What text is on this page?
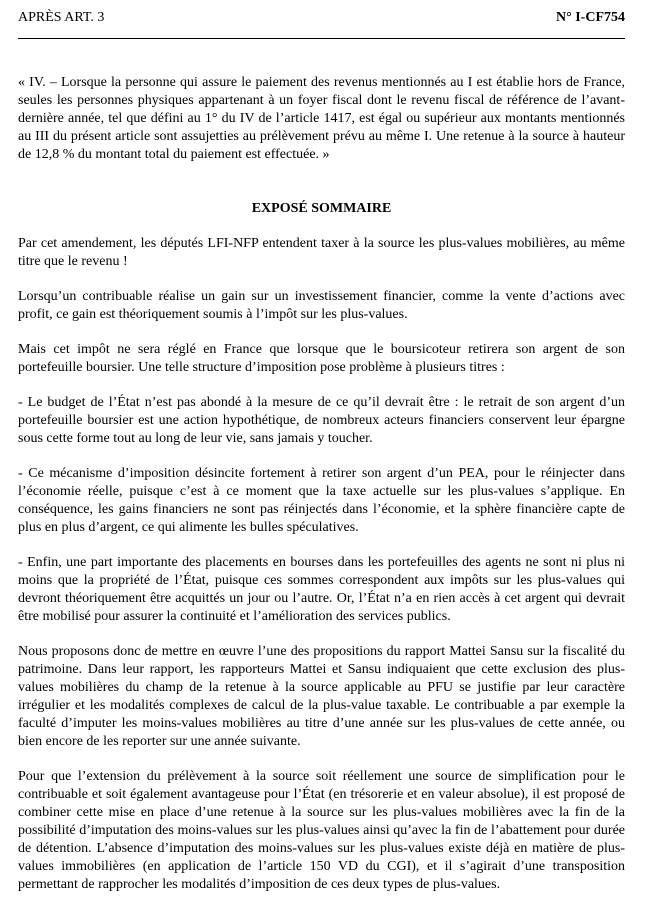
APRÈS ART. 3	N° I-CF754

« IV. – Lorsque la personne qui assure le paiement des revenus mentionnés au I est établie hors de France, seules les personnes physiques appartenant à un foyer fiscal dont le revenu fiscal de référence de l’avant-dernière année, tel que défini au 1° du IV de l’article 1417, est égal ou supérieur aux montants mentionnés au III du présent article sont assujetties au prélèvement prévu au même I. Une retenue à la source à hauteur de 12,8 % du montant total du paiement est effectuée. »

EXPOSÉ SOMMAIRE

Par cet amendement, les députés LFI-NFP entendent taxer à la source les plus-values mobilières, au même titre que le revenu !

Lorsqu’un contribuable réalise un gain sur un investissement financier, comme la vente d’actions avec profit, ce gain est théoriquement soumis à l’impôt sur les plus-values.

Mais cet impôt ne sera réglé en France que lorsque que le boursicoteur retirera son argent de son portefeuille boursier. Une telle structure d’imposition pose problème à plusieurs titres :

- Le budget de l’État n’est pas abondé à la mesure de ce qu’il devrait être : le retrait de son argent d’un portefeuille boursier est une action hypothétique, de nombreux acteurs financiers conservent leur épargne sous cette forme tout au long de leur vie, sans jamais y toucher.

- Ce mécanisme d’imposition désincite fortement à retirer son argent d’un PEA, pour le réinjecter dans l’économie réelle, puisque c’est à ce moment que la taxe actuelle sur les plus-values s’applique. En conséquence, les gains financiers ne sont pas réinjectés dans l’économie, et la sphère financière capte de plus en plus d’argent, ce qui alimente les bulles spéculatives.

- Enfin, une part importante des placements en bourses dans les portefeuilles des agents ne sont ni plus ni moins que la propriété de l’État, puisque ces sommes correspondent aux impôts sur les plus-values qui devront théoriquement être acquittés un jour ou l’autre. Or, l’État n’a en rien accès à cet argent qui devrait être mobilisé pour assurer la continuité et l’amélioration des services publics.

Nous proposons donc de mettre en œuvre l’une des propositions du rapport Mattei Sansu sur la fiscalité du patrimoine. Dans leur rapport, les rapporteurs Mattei et Sansu indiquaient que cette exclusion des plus-values mobilières du champ de la retenue à la source applicable au PFU se justifie par leur caractère irrégulier et les modalités complexes de calcul de la plus-value taxable. Le contribuable a par exemple la faculté d’imputer les moins-values mobilières au titre d’une année sur les plus-values de cette année, ou bien encore de les reporter sur une année suivante.

Pour que l’extension du prélèvement à la source soit réellement une source de simplification pour le contribuable et soit également avantageuse pour l’État (en trésorerie et en valeur absolue), il est proposé de combiner cette mise en place d’une retenue à la source sur les plus-values mobilières avec la fin de la possibilité d’imputation des moins-values sur les plus-values ainsi qu’avec la fin de l’abattement pour durée de détention. L’absence d’imputation des moins-values sur les plus-values existe déjà en matière de plus-values immobilières (en application de l’article 150 VD du CGI), et il s’agirait d’une transposition permettant de rapprocher les modalités d’imposition de ces deux types de plus-values.
